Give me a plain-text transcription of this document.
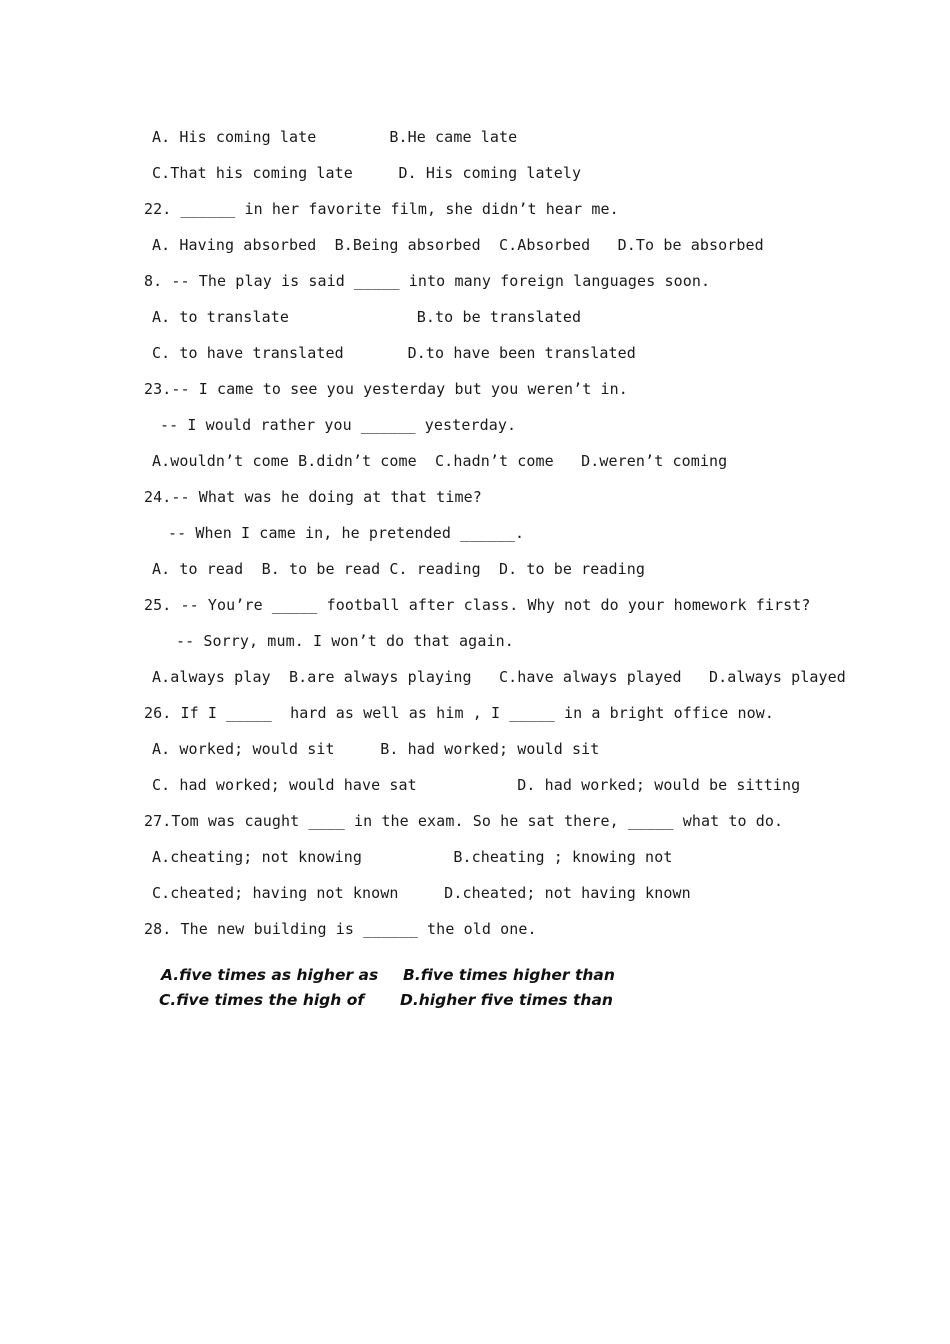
A. His coming late        B.He came late
C.That his coming late     D. His coming lately
22. ______ in her favorite film, she didn’t hear me.
A. Having absorbed  B.Being absorbed  C.Absorbed   D.To be absorbed
8. -- The play is said _____ into many foreign languages soon.
A. to translate              B.to be translated
C. to have translated       D.to have been translated
23.-- I came to see you yesterday but you weren’t in.
-- I would rather you ______ yesterday.
A.wouldn’t come B.didn’t come  C.hadn’t come   D.weren’t coming
24.-- What was he doing at that time?
-- When I came in, he pretended ______.
A. to read  B. to be read C. reading  D. to be reading
25. -- You’re _____ football after class. Why not do your homework first?
-- Sorry, mum. I won’t do that again.
A.always play  B.are always playing   C.have always played   D.always played
26. If I _____  hard as well as him , I _____ in a bright office now.
A. worked; would sit     B. had worked; would sit
C. had worked; would have sat           D. had worked; would be sitting
27.Tom was caught ____ in the exam. So he sat there, _____ what to do.
A.cheating; not knowing          B.cheating ; knowing not
C.cheated; having not known     D.cheated; not having known
28. The new building is ______ the old one.
A.five times as higher as B.five times higher than
C.five times the high of D.higher five times than
